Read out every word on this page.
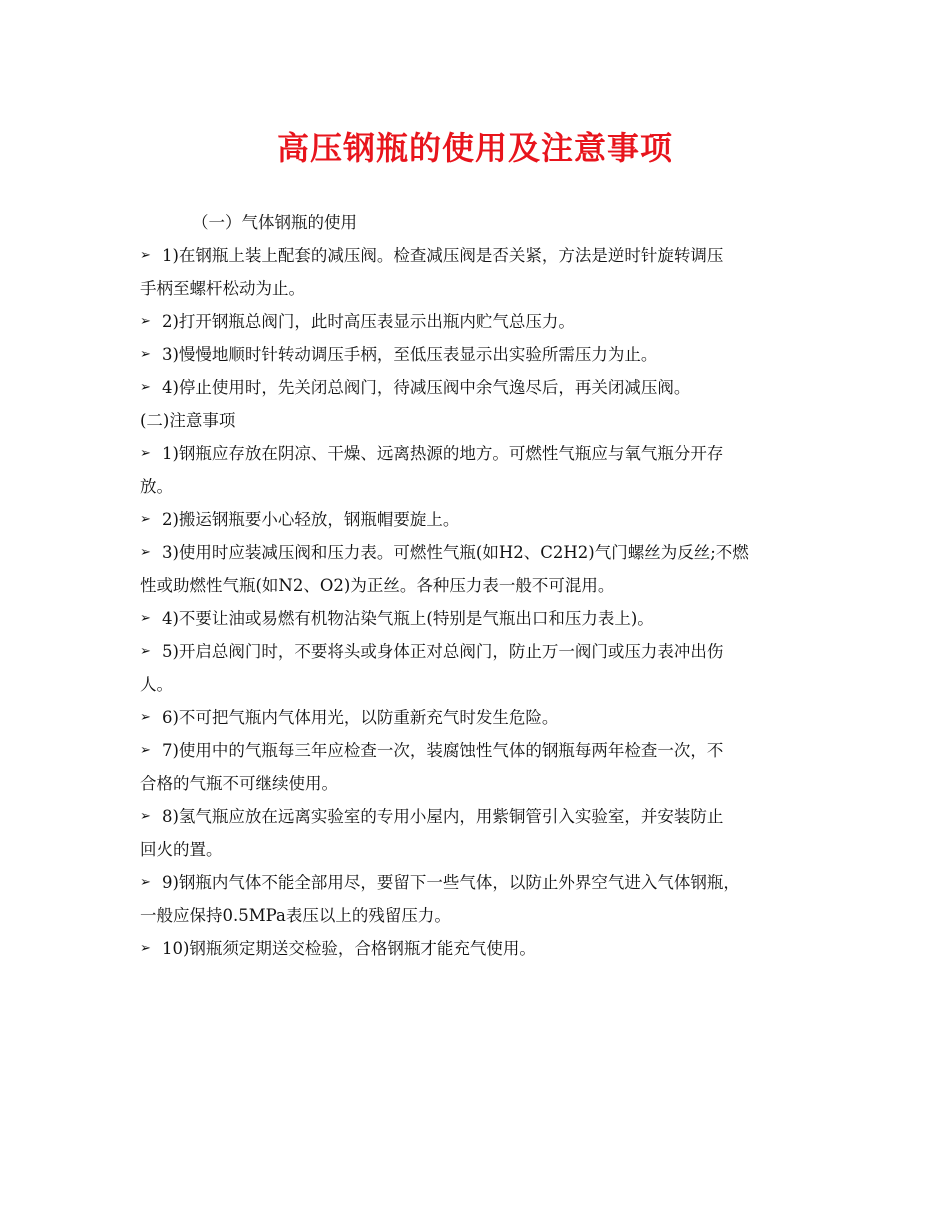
高压钢瓶的使用及注意事项

（一）气体钢瓶的使用

➢ 1)在钢瓶上装上配套的减压阀。检查减压阀是否关紧，方法是逆时针旋转调压

手柄至螺杆松动为止。

➢ 2)打开钢瓶总阀门，此时高压表显示出瓶内贮气总压力。

➢ 3)慢慢地顺时针转动调压手柄，至低压表显示出实验所需压力为止。

➢ 4)停止使用时，先关闭总阀门，待减压阀中余气逸尽后，再关闭减压阀。

(二)注意事项

➢ 1)钢瓶应存放在阴凉、干燥、远离热源的地方。可燃性气瓶应与氧气瓶分开存

放。

➢ 2)搬运钢瓶要小心轻放，钢瓶帽要旋上。

➢ 3)使用时应装减压阀和压力表。可燃性气瓶(如H2、C2H2)气门螺丝为反丝;不燃

性或助燃性气瓶(如N2、O2)为正丝。各种压力表一般不可混用。

➢ 4)不要让油或易燃有机物沾染气瓶上(特别是气瓶出口和压力表上)。

➢ 5)开启总阀门时，不要将头或身体正对总阀门，防止万一阀门或压力表冲出伤

人。

➢ 6)不可把气瓶内气体用光，以防重新充气时发生危险。

➢ 7)使用中的气瓶每三年应检查一次，装腐蚀性气体的钢瓶每两年检查一次，不

合格的气瓶不可继续使用。

➢ 8)氢气瓶应放在远离实验室的专用小屋内，用紫铜管引入实验室，并安装防止

回火的置。

➢ 9)钢瓶内气体不能全部用尽，要留下一些气体，以防止外界空气进入气体钢瓶，

一般应保持0.5MPa表压以上的残留压力。

➢ 10)钢瓶须定期送交检验，合格钢瓶才能充气使用。
